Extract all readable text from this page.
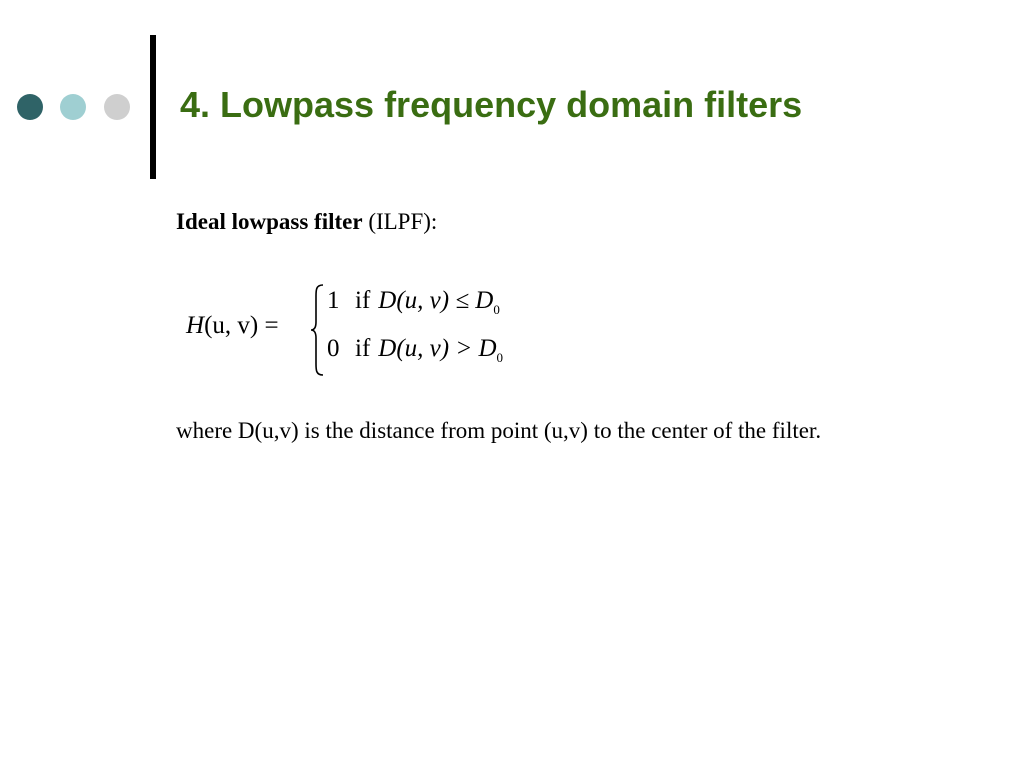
4. Lowpass frequency domain filters
Ideal lowpass filter (ILPF):
H(u, v) =
1 if D(u, $v) \le D_0$
0 if D(u, $v) > D_0$

where D(u,v) is the distance from point (u,v) to the center of the filter.
